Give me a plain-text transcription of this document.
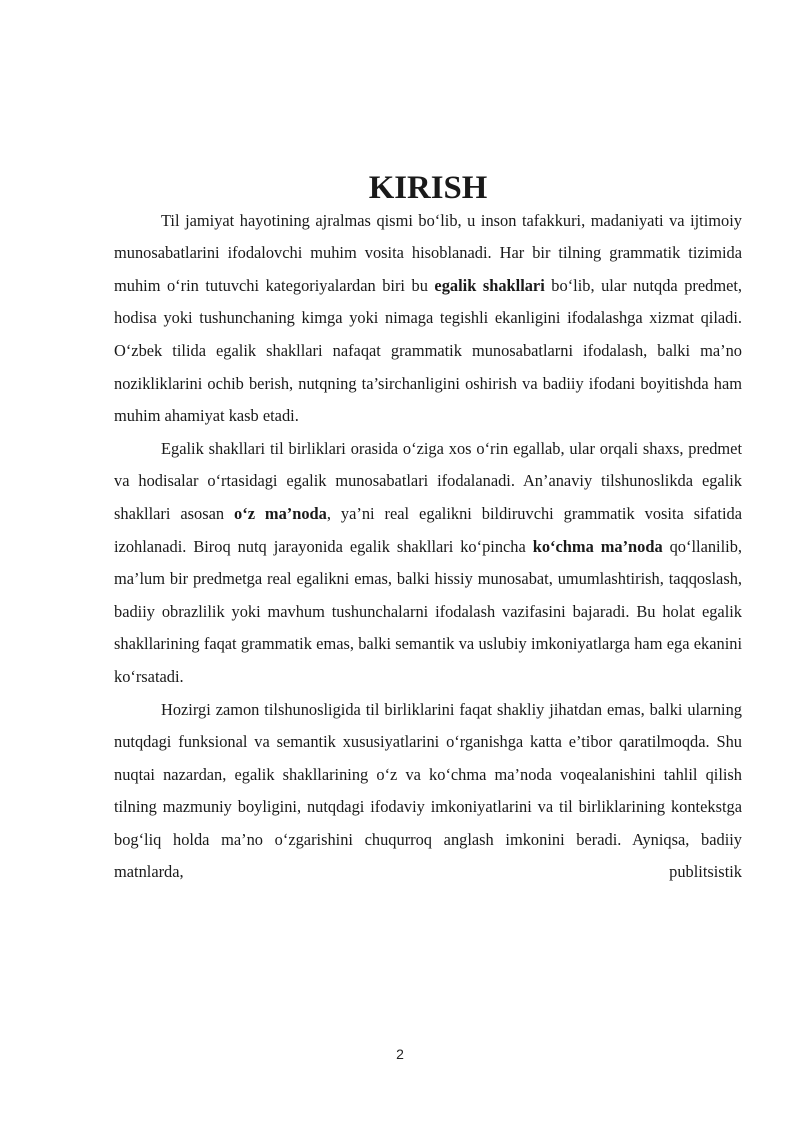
KIRISH

Til jamiyat hayotining ajralmas qismi bo‘lib, u inson tafakkuri, madaniyati va ijtimoiy munosabatlarini ifodalovchi muhim vosita hisoblanadi. Har bir tilning grammatik tizimida muhim o‘rin tutuvchi kategoriyalardan biri bu egalik shakllari bo‘lib, ular nutqda predmet, hodisa yoki tushunchaning kimga yoki nimaga tegishli ekanligini ifodalashga xizmat qiladi. O‘zbek tilida egalik shakllari nafaqat grammatik munosabatlarni ifodalash, balki ma’no nozikliklarini ochib berish, nutqning ta’sirchanligini oshirish va badiiy ifodani boyitishda ham muhim ahamiyat kasb etadi.

Egalik shakllari til birliklari orasida o‘ziga xos o‘rin egallab, ular orqali shaxs, predmet va hodisalar o‘rtasidagi egalik munosabatlari ifodalanadi. An’anaviy tilshunoslikda egalik shakllari asosan o‘z ma’noda, ya’ni real egalikni bildiruvchi grammatik vosita sifatida izohlanadi. Biroq nutq jarayonida egalik shakllari ko‘pincha ko‘chma ma’noda qo‘llanilib, ma’lum bir predmetga real egalikni emas, balki hissiy munosabat, umumlashtirish, taqqoslash, badiiy obrazlilik yoki mavhum tushunchalarni ifodalash vazifasini bajaradi. Bu holat egalik shakllarining faqat grammatik emas, balki semantik va uslubiy imkoniyatlarga ham ega ekanini ko‘rsatadi.

Hozirgi zamon tilshunosligida til birliklarini faqat shakliy jihatdan emas, balki ularning nutqdagi funksional va semantik xususiyatlarini o‘rganishga katta e’tibor qaratilmoqda. Shu nuqtai nazardan, egalik shakllarining o‘z va ko‘chma ma’noda voqealanishini tahlil qilish tilning mazmuniy boyligini, nutqdagi ifodaviy imkoniyatlarini va til birliklarining kontekstga bog‘liq holda ma’no o‘zgarishini chuqurroq anglash imkonini beradi. Ayniqsa, badiiy matnlarda, publitsistik

2
